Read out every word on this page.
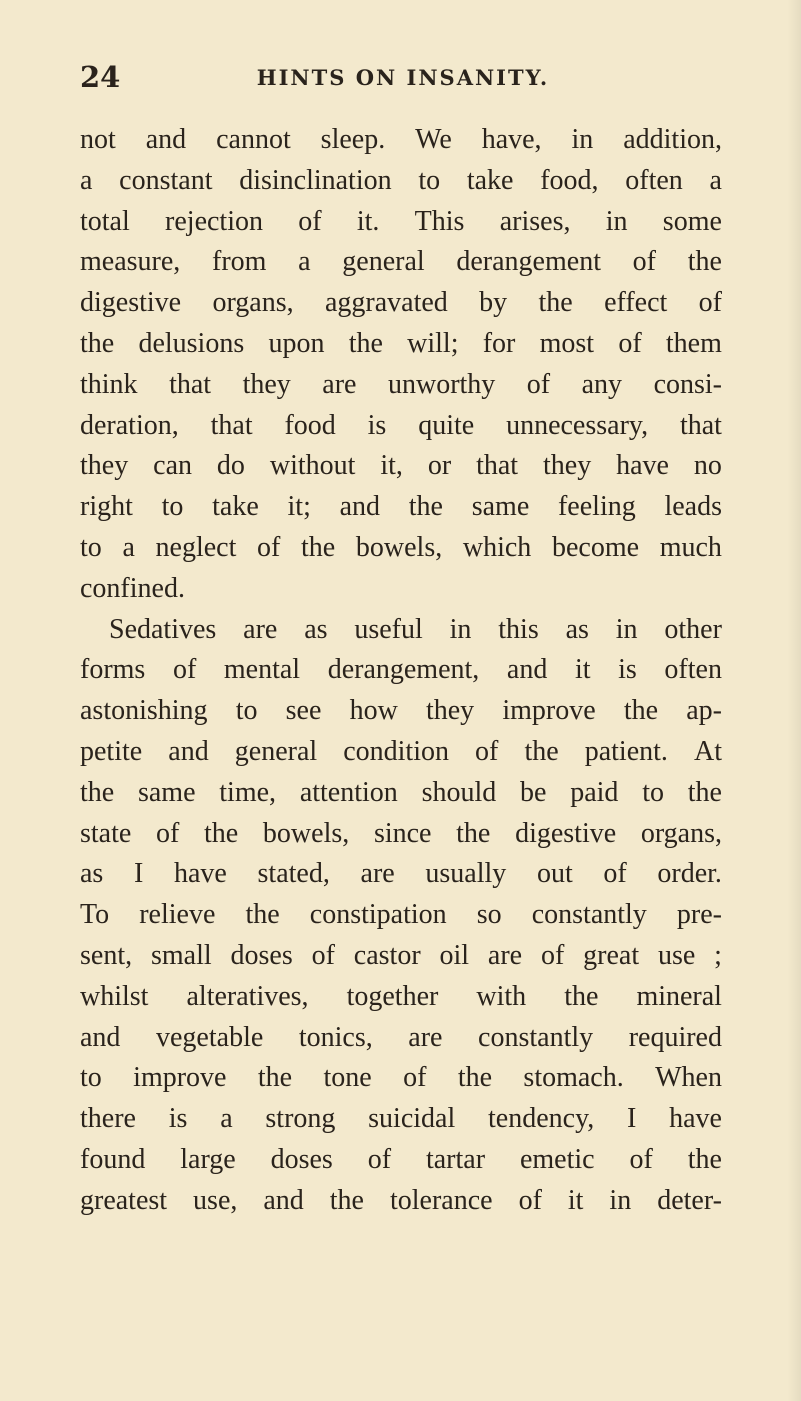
24	HINTS ON INSANITY.
not and cannot sleep. We have, in addition,
a constant disinclination to take food, often a
total rejection of it. This arises, in some
measure, from a general derangement of the
digestive organs, aggravated by the effect of
the delusions upon the will; for most of them
think that they are unworthy of any consi-
deration, that food is quite unnecessary, that
they can do without it, or that they have no
right to take it; and the same feeling leads
to a neglect of the bowels, which become much
confined.
Sedatives are as useful in this as in other
forms of mental derangement, and it is often
astonishing to see how they improve the ap-
petite and general condition of the patient. At
the same time, attention should be paid to the
state of the bowels, since the digestive organs,
as I have stated, are usually out of order.
To relieve the constipation so constantly pre-
sent, small doses of castor oil are of great use ;
whilst alteratives, together with the mineral
and vegetable tonics, are constantly required
to improve the tone of the stomach. When
there is a strong suicidal tendency, I have
found large doses of tartar emetic of the
greatest use, and the tolerance of it in deter-
